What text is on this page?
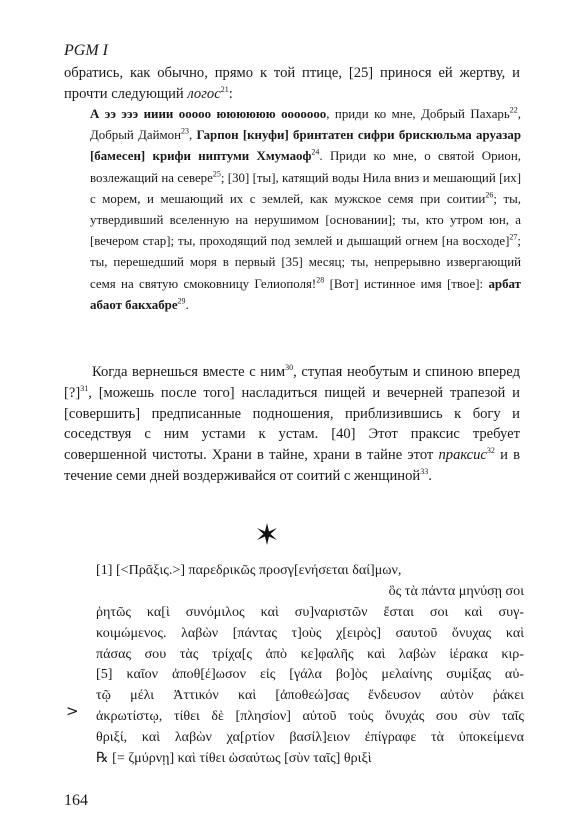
PGM I
обратись, как обычно, прямо к той птице, [25] принося ей жертву, и прочти следующий логос$^{21}$:
А ээ эээ ииии ооооо юююююю ооооооо, приди ко мне, Добрый Пахарь$^{22}$, Добрый Даймон$^{23}$, Гарпон [кнуфи] бринтатен сифри брискюльма аруазар [бамесен] крифи ниптуми Хмумаоф$^{24}$. Приди ко мне, о святой Орион, возлежащий на севере$^{25}$; [30] [ты], катящий воды Нила вниз и мешающий [их] с морем, и мешающий их с землей, как мужское семя при соитии$^{26}$; ты, утвердивший вселенную на нерушимом [основании]; ты, кто утром юн, а [вечером стар]; ты, проходящий под землей и дышащий огнем [на восходе]$^{27}$; ты, перешедший моря в первый [35] месяц; ты, непрерывно извергающий семя на святую смоковницу Гелиополя!$^{28}$ [Вот] истинное имя [твое]: арбат абаот бакхабре$^{29}$.
Когда вернешься вместе с ним$^{30}$, ступая необутым и спиною вперед [?]$^{31}$, [можешь после того] насладиться пищей и вечерней трапезой и [совершить] предписанные подношения, приблизившись к богу и соседствуя с ним устами к устам. [40] Этот праксис требует совершенной чистоты. Храни в тайне, храни в тайне этот праксис$^{32}$ и в течение семи дней воздерживайся от соитий с женщиной$^{33}$.
[1] [<Πρᾶξις.>] παρεδρικῶς προσγ[ενήσεται δαί]μων,
ὃς τὰ πάντα μηνύσῃ σοι
ῥητῶς κα[ὶ συνόμιλος καὶ συ]ναριστῶν ἔσται σοι καὶ συγ-
κοιμώμενος. λαβὼν [πάντας τ]οὺς χ[ειρὸς] σαυτοῦ ὄνυχας καὶ
πάσας σου τὰς τρίχα[ς ἀπὸ κε]φαλῆς καὶ λαβὼν ἱέρακα κιρ-
[5] καῖον ἀποθ[έ]ωσον εἰς [γάλα βο]ὸς μελαίνης συμίξας αὐ-
τῷ μέλι Ἀττικόν καὶ [ἀποθεώ]σας ἔνδευσον αὐτὸν ῥάκει
ἀκρωτίστῳ, τίθει δὲ [πλησίον] αὐτοῦ τοὺς ὄνυχάς σου σὺν ταῖς
θριξί, καὶ λαβὼν χα[ρτίον βασίλ]ειον ἐπίγραφε τὰ ὑποκείμενα
℞ [= ζμύρνῃ] καὶ τίθει ὡσαύτως [σὺν ταῖς] θριξὶ
>
164
